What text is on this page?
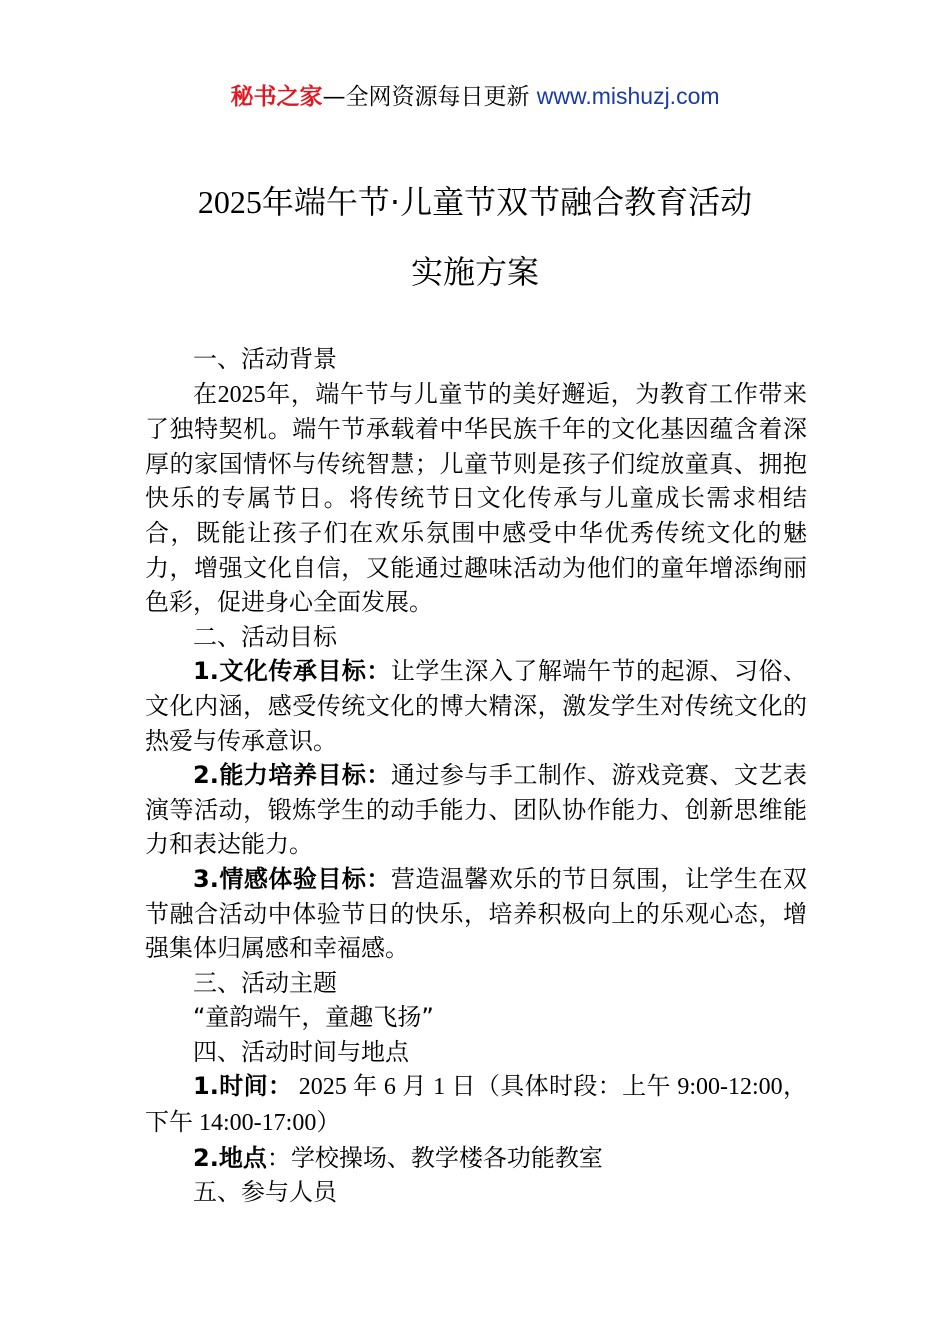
秘书之家—全网资源每日更新 www.mishuzj.com
2025年端午节·儿童节双节融合教育活动
实施方案

一、活动背景

在2025年，端午节与儿童节的美好邂逅，为教育工作带来了独特契机。端午节承载着中华民族千年的文化基因蕴含着深厚的家国情怀与传统智慧；儿童节则是孩子们绽放童真、拥抱快乐的专属节日。将传统节日文化传承与儿童成长需求相结合，既能让孩子们在欢乐氛围中感受中华优秀传统文化的魅力，增强文化自信，又能通过趣味活动为他们的童年增添绚丽色彩，促进身心全面发展。

二、活动目标

1.文化传承目标：让学生深入了解端午节的起源、习俗、文化内涵，感受传统文化的博大精深，激发学生对传统文化的热爱与传承意识。

2.能力培养目标：通过参与手工制作、游戏竞赛、文艺表演等活动，锻炼学生的动手能力、团队协作能力、创新思维能力和表达能力。

3.情感体验目标：营造温馨欢乐的节日氛围，让学生在双节融合活动中体验节日的快乐，培养积极向上的乐观心态，增强集体归属感和幸福感。

三、活动主题

“童韵端午，童趣飞扬”

四、活动时间与地点

1.时间： 2025 年 6 月 1 日（具体时段：上午 9:00-12:00，下午 14:00-17:00）

2.地点：学校操场、教学楼各功能教室

五、参与人员
